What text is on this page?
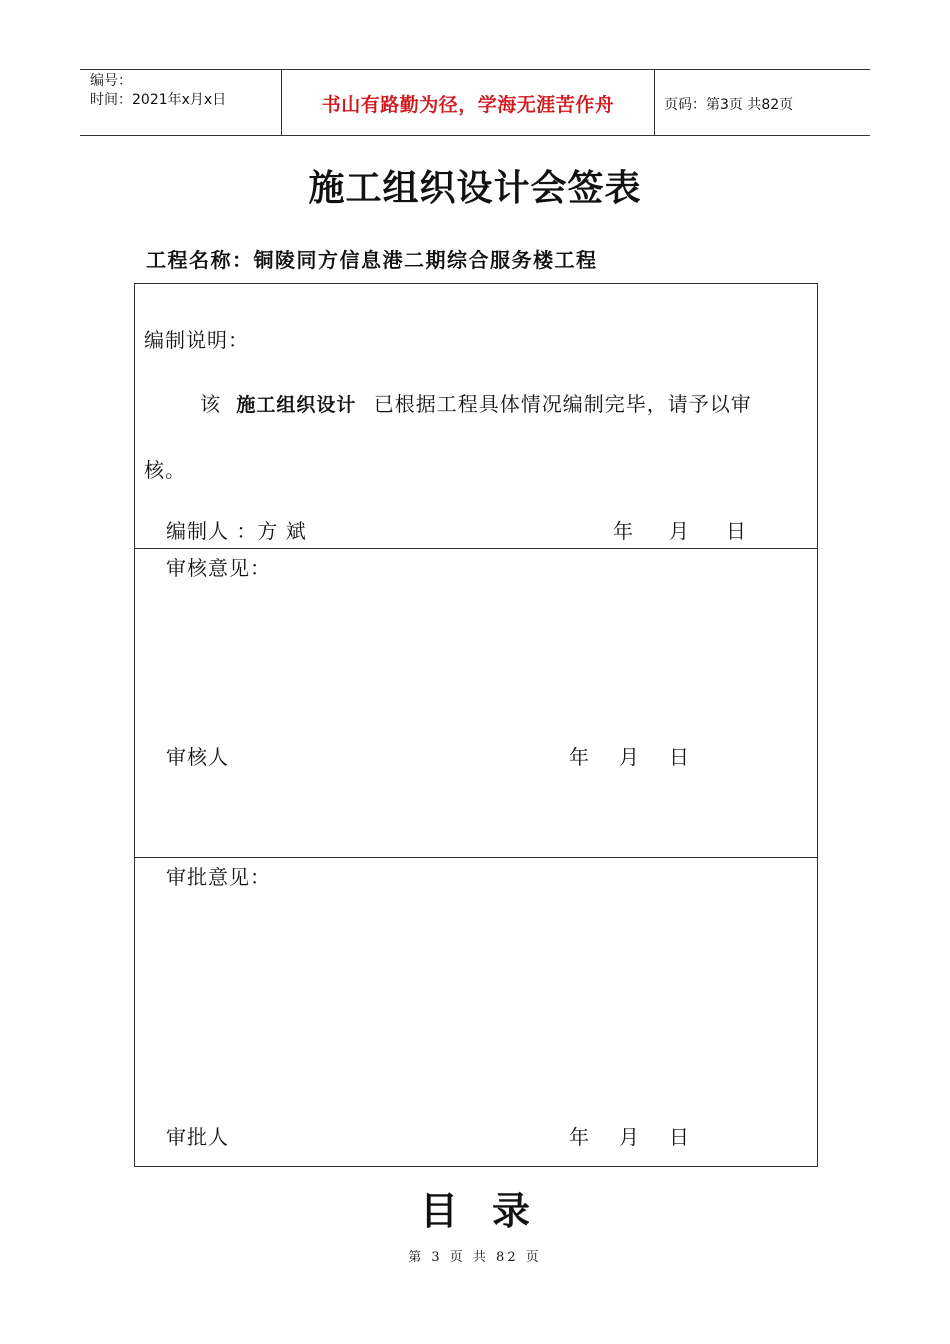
编号：
时间：2021年x月x日	书山有路勤为径，学海无涯苦作舟	页码：第3页 共82页
施工组织设计会签表
工程名称：铜陵同方信息港二期综合服务楼工程
编制说明：
该 施工组织设计 已根据工程具体情况编制完毕，请予以审
核。
编制人 ：方 斌	年 月 日
审核意见：
审核人	年 月 日
审批意见：
审批人	年 月 日
目录
第 3 页 共 82 页
